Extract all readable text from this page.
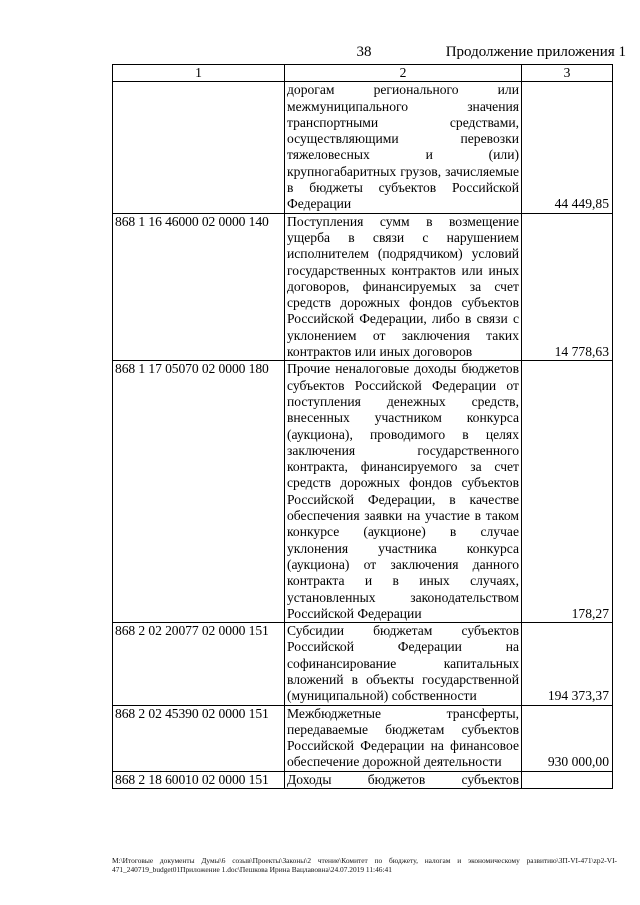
38	Продолжение приложения 1
1	2	3
	дорогам регионального или межмуниципального значения транспортными средствами, осуществляющими перевозки тяжеловесных и (или) крупногабаритных грузов, зачисляемые в бюджеты субъектов Российской Федерации	44 449,85
868 1 16 46000 02 0000 140	Поступления сумм в возмещение ущерба в связи с нарушением исполнителем (подрядчиком) условий государственных контрактов или иных договоров, финансируемых за счет средств дорожных фондов субъектов Российской Федерации, либо в связи с уклонением от заключения таких контрактов или иных договоров	14 778,63
868 1 17 05070 02 0000 180	Прочие неналоговые доходы бюджетов субъектов Российской Федерации от поступления денежных средств, внесенных участником конкурса (аукциона), проводимого в целях заключения государственного контракта, финансируемого за счет средств дорожных фондов субъектов Российской Федерации, в качестве обеспечения заявки на участие в таком конкурсе (аукционе) в случае уклонения участника конкурса (аукциона) от заключения данного контракта и в иных случаях, установленных законодательством Российской Федерации	178,27
868 2 02 20077 02 0000 151	Субсидии бюджетам субъектов Российской Федерации на софинансирование капитальных вложений в объекты государственной (муниципальной) собственности	194 373,37
868 2 02 45390 02 0000 151	Межбюджетные трансферты, передаваемые бюджетам субъектов Российской Федерации на финансовое обеспечение дорожной деятельности	930 000,00
868 2 18 60010 02 0000 151	Доходы бюджетов субъектов	
M:\Итоговые документы Думы\6 созыв\Проекты\Законы\2 чтение\Комитет по бюджету, налогам и экономическому развитию\ЗП-VI-471\zp2-VI-471_240719_budget01Приложение 1.doc\Пешкова Ирина Вацлавовна\24.07.2019 11:46:41
